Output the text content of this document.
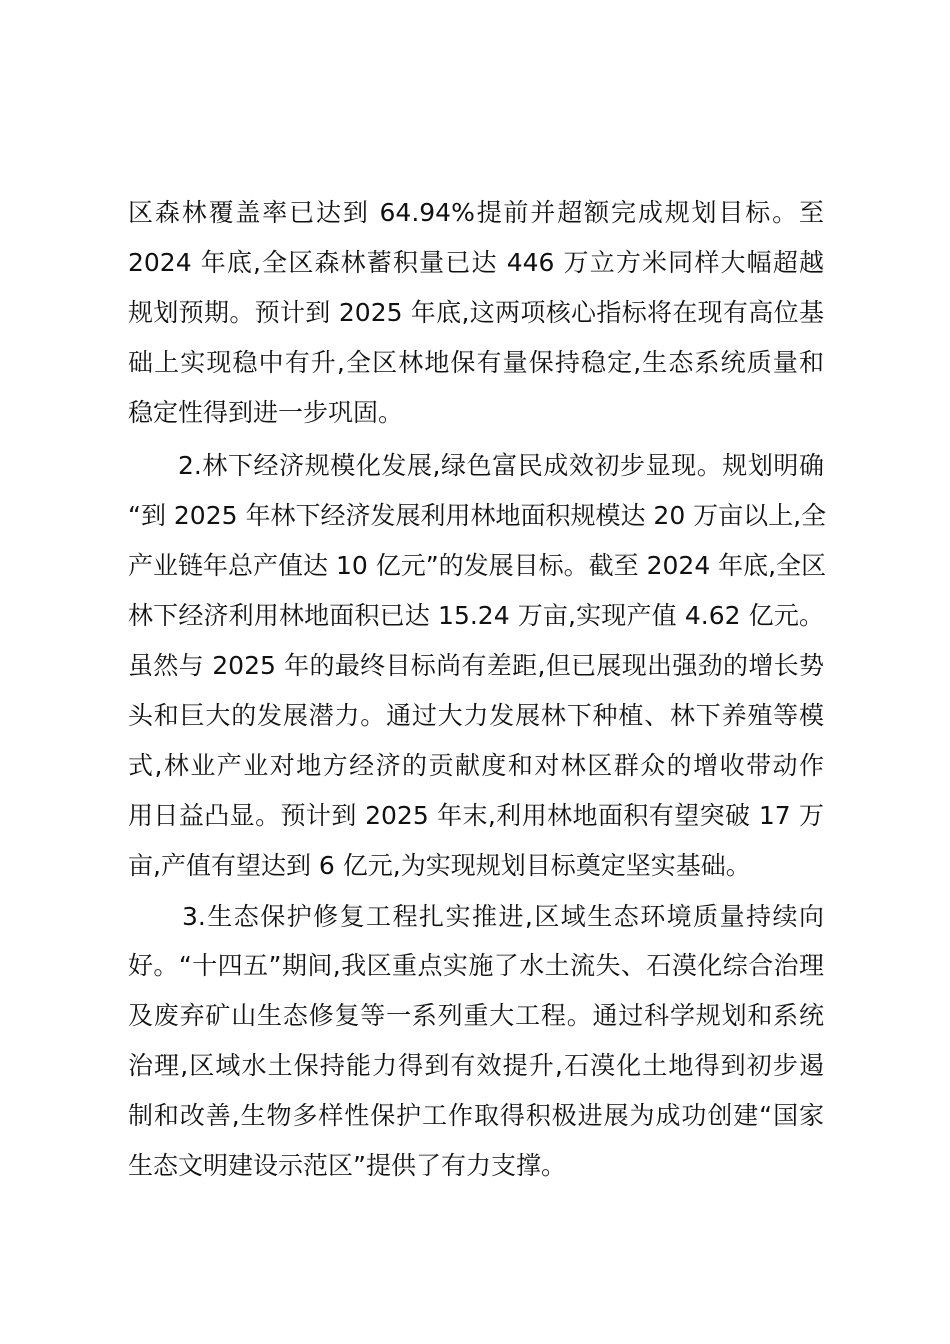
区森林覆盖率已达到 64.94%提前并超额完成规划目标。至

2024 年底,全区森林蓄积量已达 446 万立方米同样大幅超越

规划预期。预计到 2025 年底,这两项核心指标将在现有高位基

础上实现稳中有升,全区林地保有量保持稳定,生态系统质量和

稳定性得到进一步巩固。

2.林下经济规模化发展,绿色富民成效初步显现。规划明确

“到 2025 年林下经济发展利用林地面积规模达 20 万亩以上,全

产业链年总产值达 10 亿元”的发展目标。截至 2024 年底,全区

林下经济利用林地面积已达 15.24 万亩,实现产值 4.62 亿元。

虽然与 2025 年的最终目标尚有差距,但已展现出强劲的增长势

头和巨大的发展潜力。通过大力发展林下种植、林下养殖等模

式,林业产业对地方经济的贡献度和对林区群众的增收带动作

用日益凸显。预计到 2025 年末,利用林地面积有望突破 17 万

亩,产值有望达到 6 亿元,为实现规划目标奠定坚实基础。

3.生态保护修复工程扎实推进,区域生态环境质量持续向

好。“十四五”期间,我区重点实施了水土流失、石漠化综合治理

及废弃矿山生态修复等一系列重大工程。通过科学规划和系统

治理,区域水土保持能力得到有效提升,石漠化土地得到初步遏

制和改善,生物多样性保护工作取得积极进展为成功创建“国家

生态文明建设示范区”提供了有力支撑。
